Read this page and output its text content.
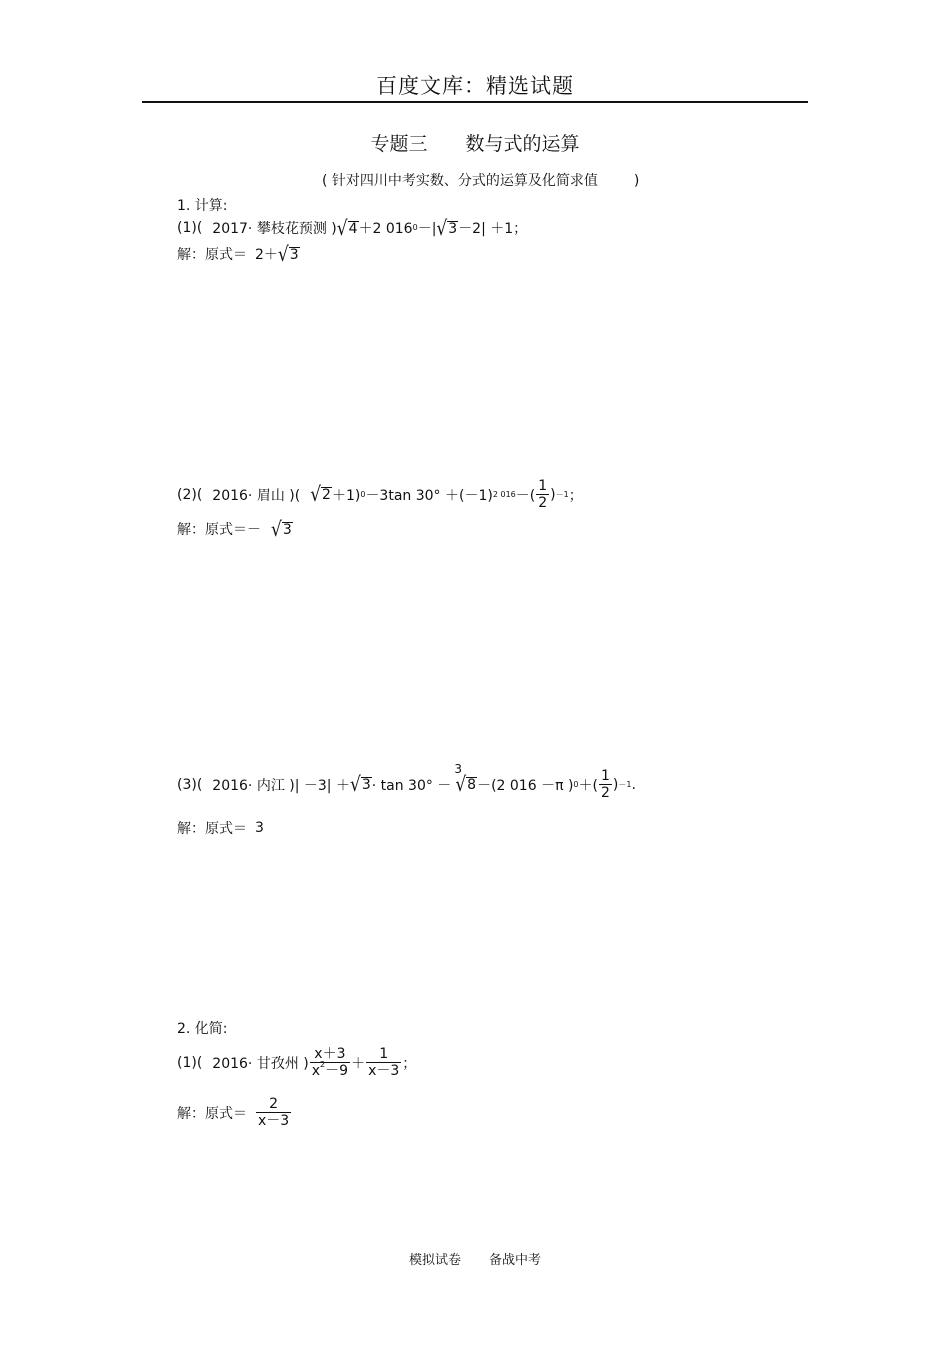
百度文库：精选试题
专题三 数与式的运算
( 针对四川中考实数、分式的运算及化简求值	)
1. 计算:
(1)( 2017· 攀枝花预测 ) √ 4 ＋2 016 0 －| √ 3 －2| ＋1；
解：原式＝ 2＋ √ 3
(2)( 2016· 眉山 )( √ 2 ＋1) 0 －3tan 30° ＋(－1) 2 016 －( $\frac{1}{2}$ ) －1 ；
解：原式＝－ √ 3
(3)( 2016· 内江 )| －3| ＋ √ 3 · tan 30° －
3
√ 8 －(2 016 －π ) 0 ＋( $\frac{1}{2}$ ) －1 .
解：原式＝ 3
2. 化简:
(1)( 2016· 甘孜州 ) $\frac{x+3}{x^2-9} + \frac{1}{x-3}$ ；
解：原式＝ $\frac{2}{x-3}$
模拟试卷 备战中考
